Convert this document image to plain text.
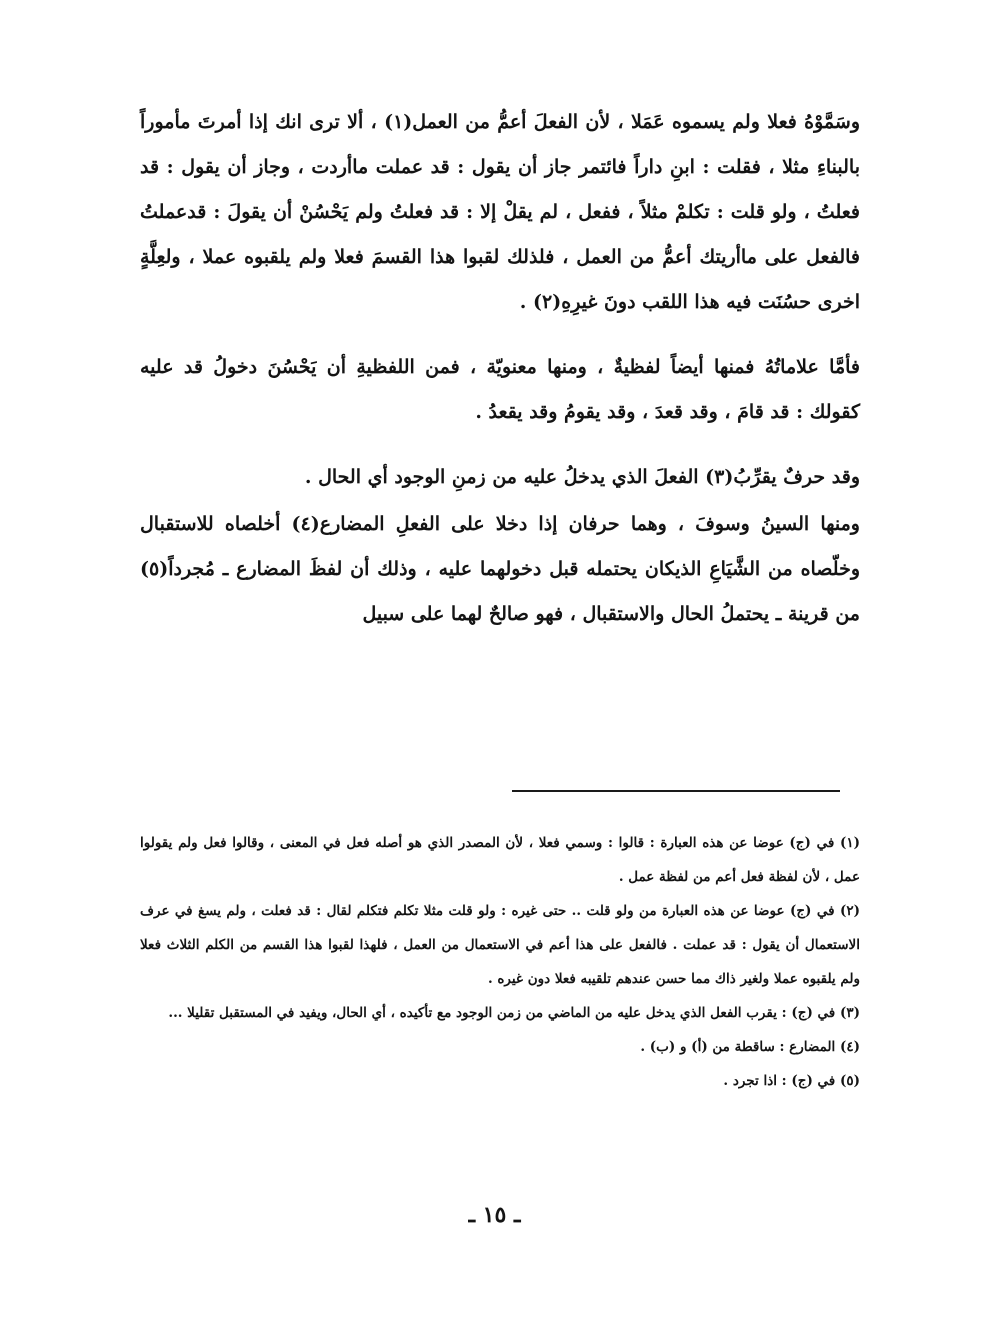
وسَمَّوْهُ فعلا ولم يسموه عَمَلا ، لأن الفعلَ أعمُّ من العمل(١) ، ألا ترى انك إذا أمرتَ مأموراً بالبناءِ مثلا ، فقلت : ابنِ داراً فائتمر جاز أن يقول : قد عملت ماأردت ، وجاز أن يقول : قد فعلتُ ، ولو قلت : تكلمْ مثلاً ، ففعل ، لم يقلْ إلا : قد فعلتُ ولم يَحْسُنْ أن يقولَ : قدعملتُ فالفعل على ماأريتك أعمُّ من العمل ، فلذلك لقبوا هذا القسمَ فعلا ولم يلقبوه عملا ، ولعِلَّةٍ اخرى حسُنَت فيه هذا اللقب دونَ غيرِهِ(٢) .

فأمَّا علاماتُهُ فمنها أيضاً لفظيةٌ ، ومنها معنويّة ، فمن اللفظيةِ أن يَحْسُنَ دخولُ قد عليه كقولك : قد قامَ ، وقد قعدَ ، وقد يقومُ وقد يقعدُ .

وقد حرفٌ يقرِّبُ(٣) الفعلَ الذي يدخلُ عليه من زمنِ الوجود أي الحال .

ومنها السينُ وسوفَ ، وهما حرفان إذا دخلا على الفعلِ المضارع(٤) أخلصاه للاستقبال وخلّصاه من الشَّيَاعِ الذيكان يحتمله قبل دخولهما عليه ، وذلك أن لفظَ المضارع ـ مُجرداً(٥) من قرينة ـ يحتملُ الحال والاستقبال ، فهو صالحٌ لهما على سبيل

(١) في (ج) عوضا عن هذه العبارة : قالوا : وسمي فعلا ، لأن المصدر الذي هو أصله فعل في المعنى ، وقالوا فعل ولم يقولوا عمل ، لأن لفظة فعل أعم من لفظة عمل .

(٢) في (ج) عوضا عن هذه العبارة من ولو قلت .. حتى غيره : ولو قلت مثلا تكلم فتكلم لقال : قد فعلت ، ولم يسغ في عرف الاستعمال أن يقول : قد عملت . فالفعل على هذا أعم في الاستعمال من العمل ، فلهذا لقبوا هذا القسم من الكلم الثلاث فعلا ولم يلقبوه عملا ولغير ذاك مما حسن عندهم تلقيبه فعلا دون غيره .

(٣) في (ج) : يقرب الفعل الذي يدخل عليه من الماضي من زمن الوجود مع تأكيده ، أي الحال، ويفيد في المستقبل تقليلا ...

(٤) المضارع : ساقطة من (أ) و (ب) .

(٥) في (ج) : اذا تجرد .

ـ ١٥ ـ
